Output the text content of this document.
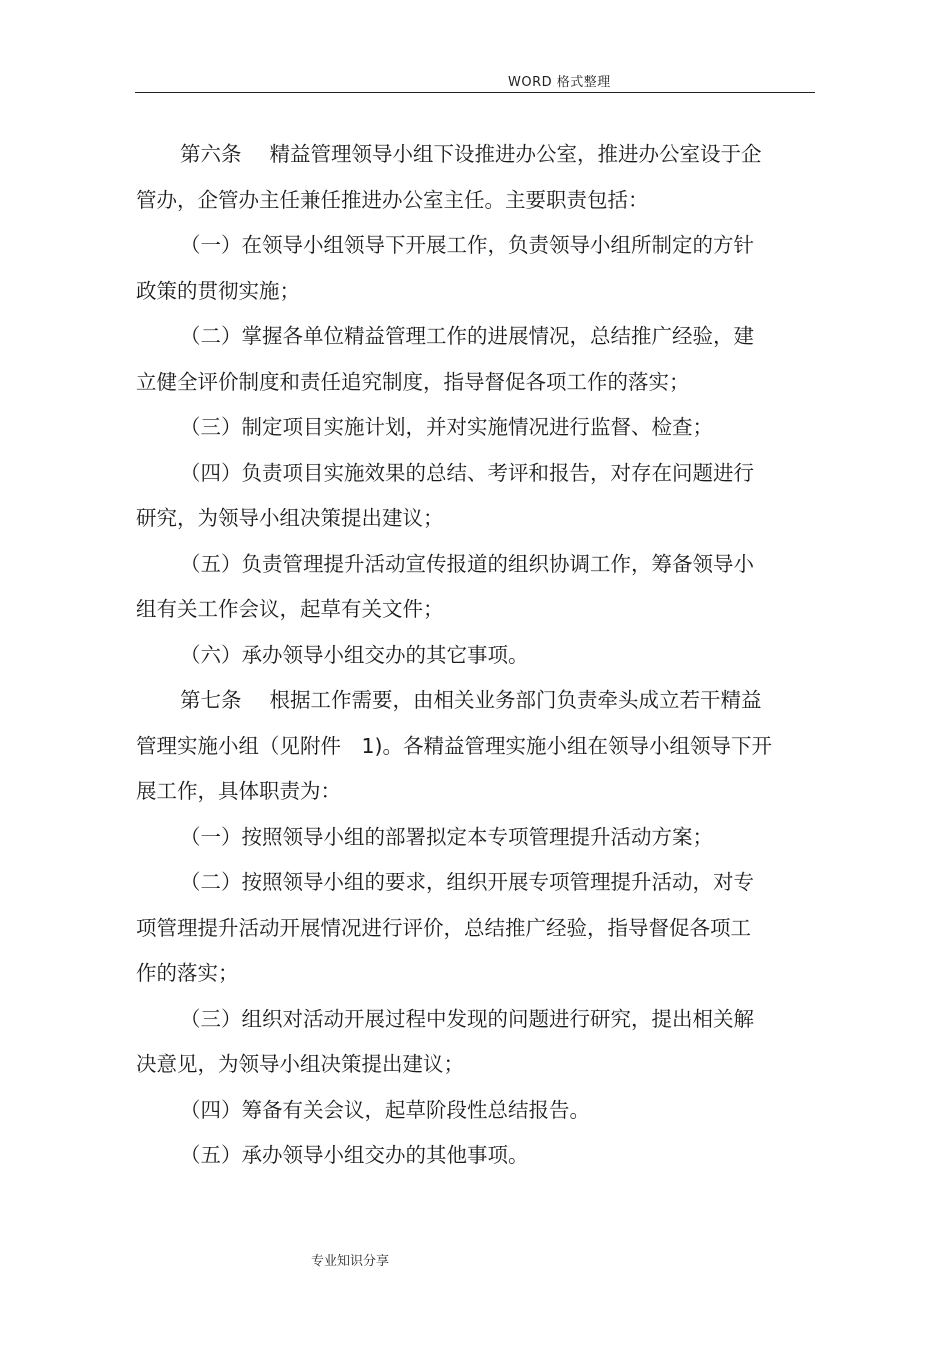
WORD 格式整理
第六条 精益管理领导小组下设推进办公室，推进办公室设于企
管办，企管办主任兼任推进办公室主任。主要职责包括：
（一）在领导小组领导下开展工作，负责领导小组所制定的方针
政策的贯彻实施；
（二）掌握各单位精益管理工作的进展情况，总结推广经验，建
立健全评价制度和责任追究制度，指导督促各项工作的落实；
（三）制定项目实施计划，并对实施情况进行监督、检查；
（四）负责项目实施效果的总结、考评和报告，对存在问题进行
研究，为领导小组决策提出建议；
（五）负责管理提升活动宣传报道的组织协调工作，筹备领导小
组有关工作会议，起草有关文件；
（六）承办领导小组交办的其它事项。
第七条 根据工作需要，由相关业务部门负责牵头成立若干精益
管理实施小组（见附件　1)。各精益管理实施小组在领导小组领导下开
展工作，具体职责为：
（一）按照领导小组的部署拟定本专项管理提升活动方案；
（二）按照领导小组的要求，组织开展专项管理提升活动，对专
项管理提升活动开展情况进行评价，总结推广经验，指导督促各项工
作的落实；
（三）组织对活动开展过程中发现的问题进行研究，提出相关解
决意见，为领导小组决策提出建议；
（四）筹备有关会议，起草阶段性总结报告。
（五）承办领导小组交办的其他事项。
专业知识分享
